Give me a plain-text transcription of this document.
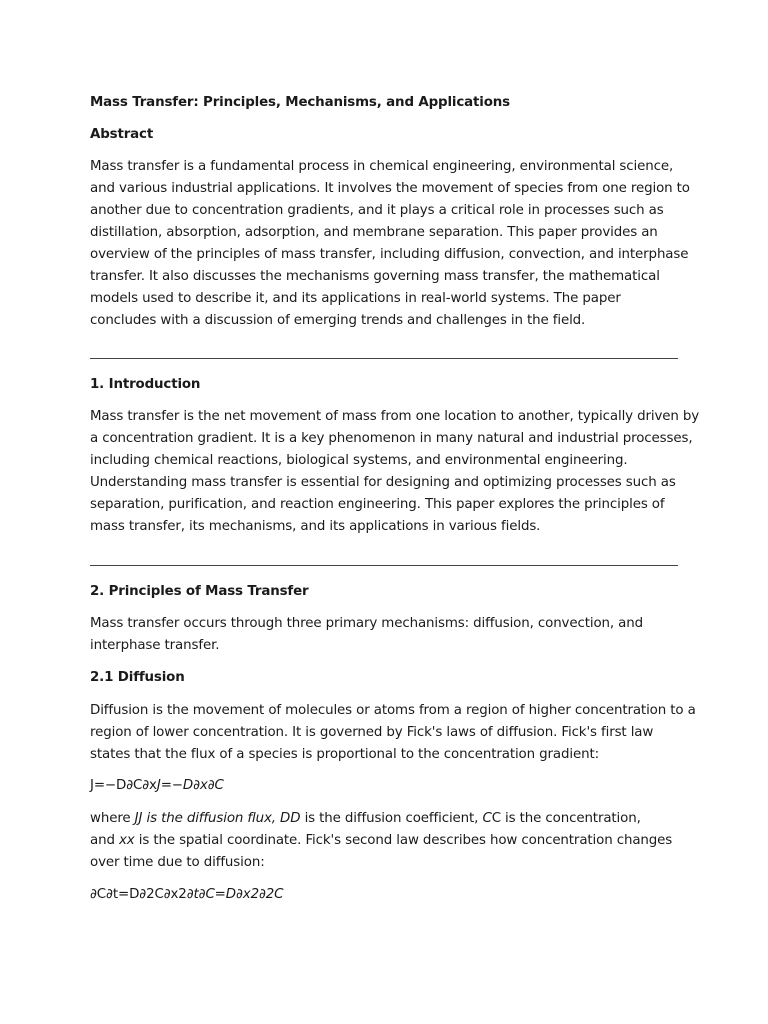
Mass Transfer: Principles, Mechanisms, and Applications
Abstract
Mass transfer is a fundamental process in chemical engineering, environmental science,
and various industrial applications. It involves the movement of species from one region to
another due to concentration gradients, and it plays a critical role in processes such as
distillation, absorption, adsorption, and membrane separation. This paper provides an
overview of the principles of mass transfer, including diffusion, convection, and interphase
transfer. It also discusses the mechanisms governing mass transfer, the mathematical
models used to describe it, and its applications in real-world systems. The paper
concludes with a discussion of emerging trends and challenges in the field.
1. Introduction
Mass transfer is the net movement of mass from one location to another, typically driven by
a concentration gradient. It is a key phenomenon in many natural and industrial processes,
including chemical reactions, biological systems, and environmental engineering.
Understanding mass transfer is essential for designing and optimizing processes such as
separation, purification, and reaction engineering. This paper explores the principles of
mass transfer, its mechanisms, and its applications in various fields.
2. Principles of Mass Transfer
Mass transfer occurs through three primary mechanisms: diffusion, convection, and
interphase transfer.
2.1 Diffusion
Diffusion is the movement of molecules or atoms from a region of higher concentration to a
region of lower concentration. It is governed by Fick's laws of diffusion. Fick's first law
states that the flux of a species is proportional to the concentration gradient:
J=−D∂C∂xJ=−D∂x∂C
where JJ is the diffusion flux, DD is the diffusion coefficient, CC is the concentration,
and xx is the spatial coordinate. Fick's second law describes how concentration changes
over time due to diffusion:
∂C∂t=D∂2C∂x2∂t∂C=D∂x2∂2C
